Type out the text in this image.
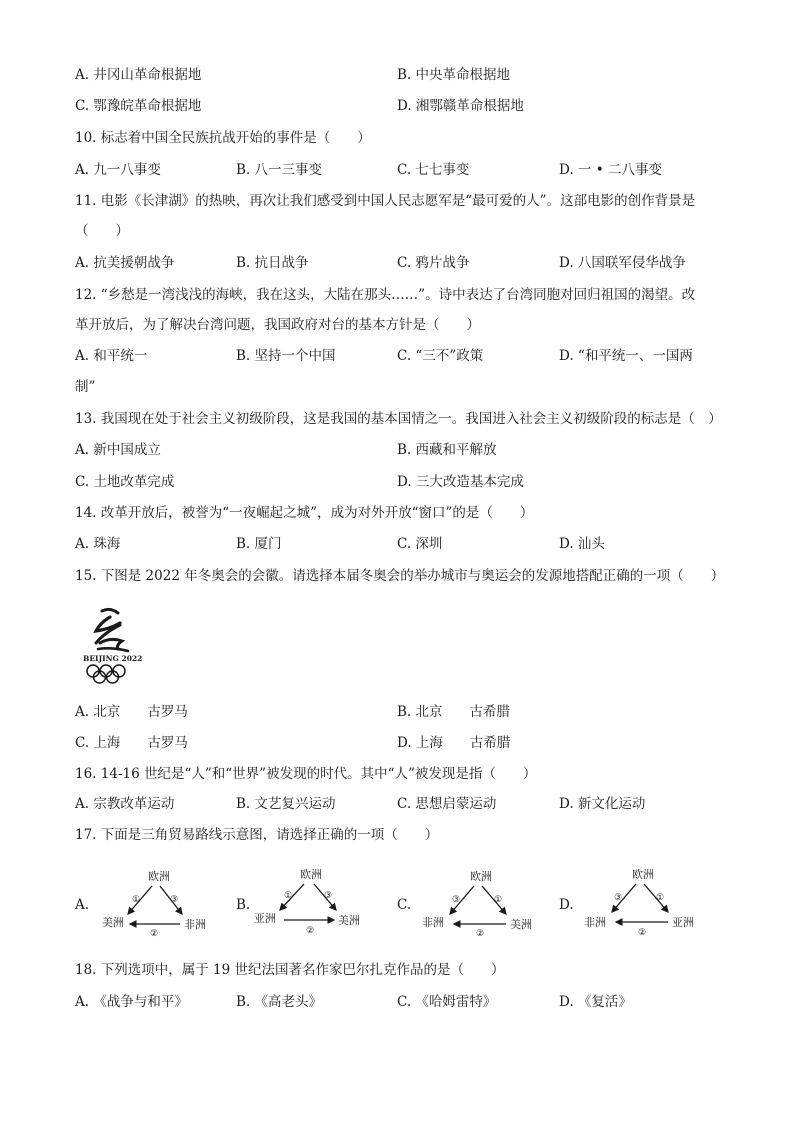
A. 井冈山革命根据地	B. 中央革命根据地
C. 鄂豫皖革命根据地	D. 湘鄂赣革命根据地
10. 标志着中国全民族抗战开始的事件是（　　）
A. 九一八事变	B. 八一三事变	C. 七七事变	D. 一 • 二八事变
11. 电影《长津湖》的热映，再次让我们感受到中国人民志愿军是“最可爱的人”。这部电影的创作背景是
（　　）
A. 抗美援朝战争	B. 抗日战争	C. 鸦片战争	D. 八国联军侵华战争
12. “乡愁是一湾浅浅的海峡，我在这头，大陆在那头……”。诗中表达了台湾同胞对回归祖国的渴望。改
革开放后，为了解决台湾问题，我国政府对台的基本方针是（　　）
A. 和平统一	B. 坚持一个中国	C. “三不”政策	D. “和平统一、一国两
制”
13. 我国现在处于社会主义初级阶段，这是我国的基本国情之一。我国进入社会主义初级阶段的标志是（　）
A. 新中国成立	B. 西藏和平解放
C. 土地改革完成	D. 三大改造基本完成
14. 改革开放后，被誉为“一夜崛起之城”，成为对外开放“窗口”的是（　　）
A. 珠海	B. 厦门	C. 深圳	D. 汕头
15. 下图是 2022 年冬奥会的会徽。请选择本届冬奥会的举办城市与奥运会的发源地搭配正确的一项（　　）
BEIJING 2022
A. 北京　　古罗马	B. 北京　　古希腊
C. 上海　　古罗马	D. 上海　　古希腊
16. 14-16 世纪是“人”和“世界”被发现的时代。其中“人”被发现是指（　　）
A. 宗教改革运动	B. 文艺复兴运动	C. 思想启蒙运动	D. 新文化运动
17. 下面是三角贸易路线示意图，请选择正确的一项（　　）
A.
欧洲
美洲	非洲
①	③
②
B.
欧洲
亚洲	美洲
①	③
②
C.
欧洲
非洲	美洲
③	①
②
D.
欧洲
非洲	亚洲
③	①
②
18. 下列选项中，属于 19 世纪法国著名作家巴尔扎克作品的是（　　）
A. 《战争与和平》	B. 《高老头》	C. 《哈姆雷特》	D. 《复活》
